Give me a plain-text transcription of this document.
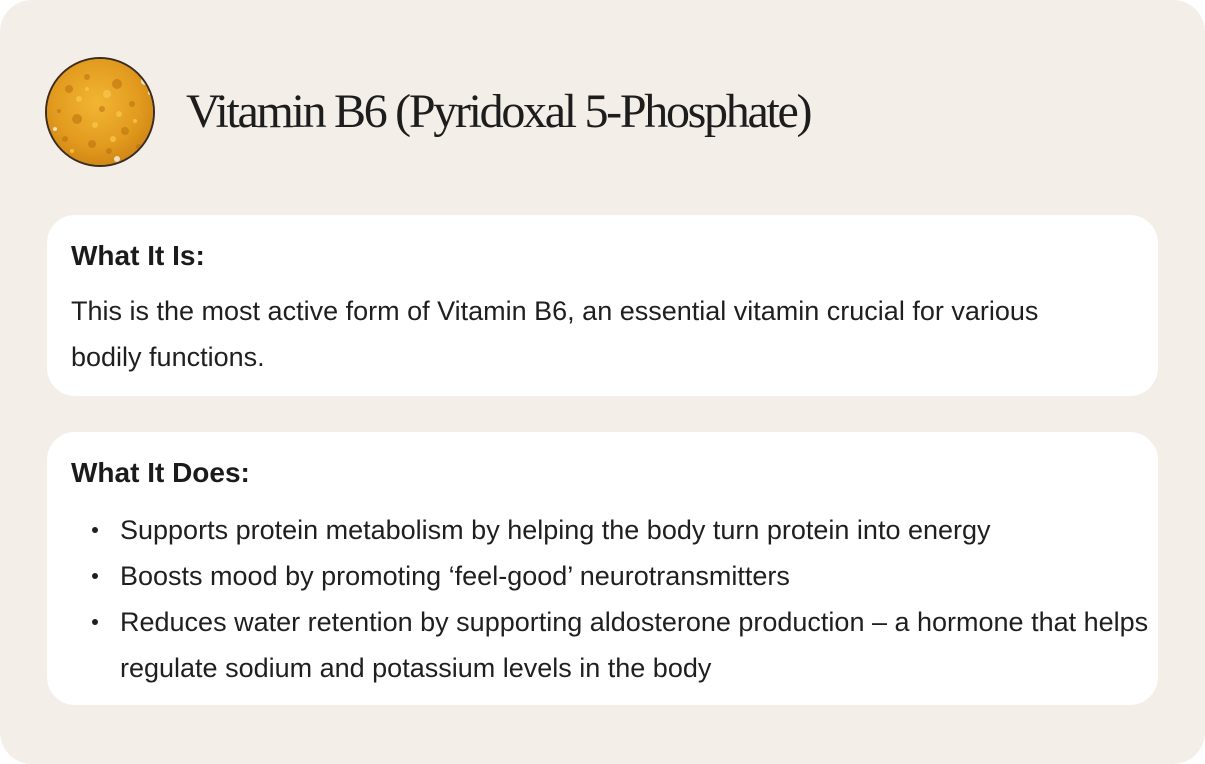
Vitamin B6 (Pyridoxal 5-Phosphate)
What It Is:

This is the most active form of Vitamin B6, an essential vitamin crucial for various bodily functions.

What It Does:
Supports protein metabolism by helping the body turn protein into energy
Boosts mood by promoting ‘feel-good’ neurotransmitters
Reduces water retention by supporting aldosterone production – a hormone that helps regulate sodium and potassium levels in the body
